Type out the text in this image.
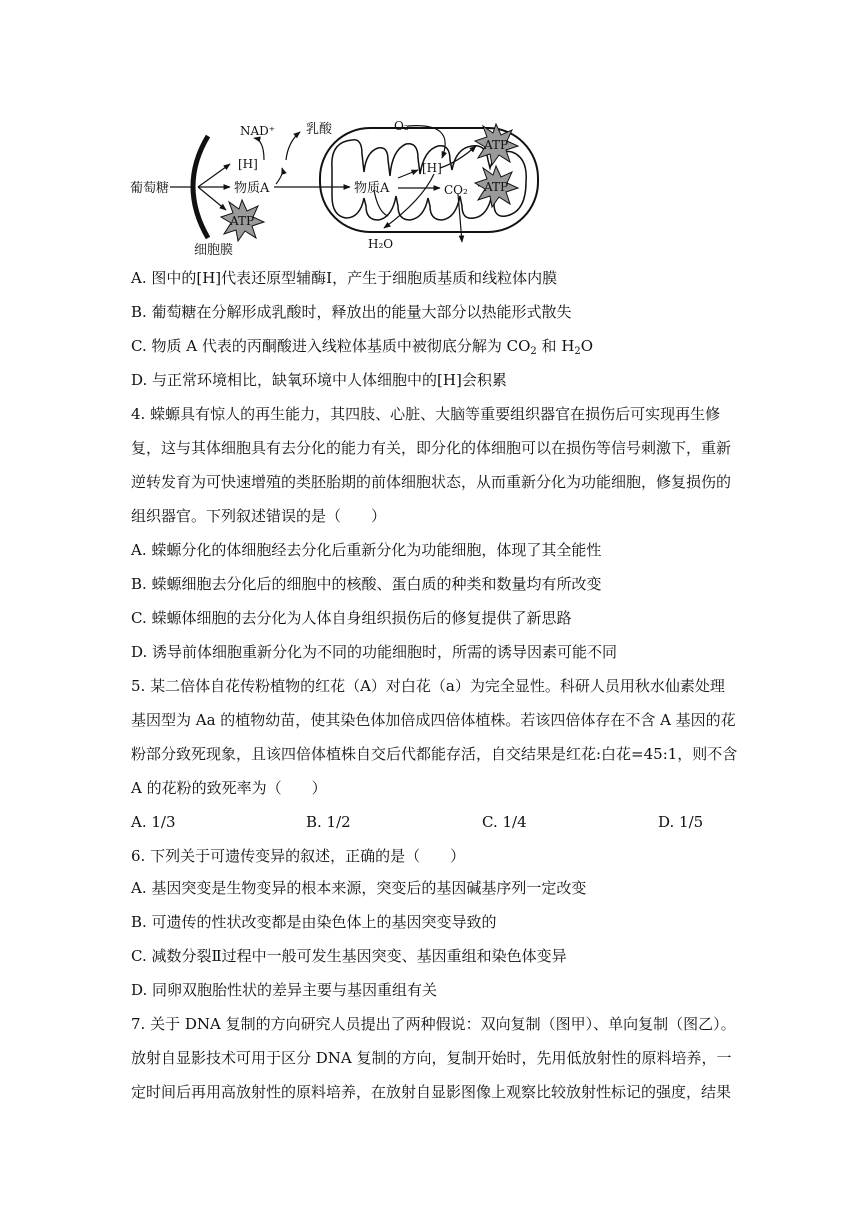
葡萄糖
细胞膜
NAD⁺ 乳酸
[H]
物质A
O₂
[H]
物质A	CO₂
H₂O
ATP
ATP
ATP
A. 图中的[H]代表还原型辅酶Ⅰ，产生于细胞质基质和线粒体内膜
B. 葡萄糖在分解形成乳酸时，释放出的能量大部分以热能形式散失
C. 物质 A 代表的丙酮酸进入线粒体基质中被彻底分解为 $CO_2$ 和 $H_2O$
D. 与正常环境相比，缺氧环境中人体细胞中的[H]会积累
4. 蝾螈具有惊人的再生能力，其四肢、心脏、大脑等重要组织器官在损伤后可实现再生修
复，这与其体细胞具有去分化的能力有关，即分化的体细胞可以在损伤等信号刺激下，重新
逆转发育为可快速增殖的类胚胎期的前体细胞状态，从而重新分化为功能细胞，修复损伤的
组织器官。下列叙述错误的是（　　）
A. 蝾螈分化的体细胞经去分化后重新分化为功能细胞，体现了其全能性
B. 蝾螈细胞去分化后的细胞中的核酸、蛋白质的种类和数量均有所改变
C. 蝾螈体细胞的去分化为人体自身组织损伤后的修复提供了新思路
D. 诱导前体细胞重新分化为不同的功能细胞时，所需的诱导因素可能不同
5. 某二倍体自花传粉植物的红花（A）对白花（a）为完全显性。科研人员用秋水仙素处理
基因型为 Aa 的植物幼苗，使其染色体加倍成四倍体植株。若该四倍体存在不含 A 基因的花
粉部分致死现象，且该四倍体植株自交后代都能存活，自交结果是红花:白花=45:1，则不含
A 的花粉的致死率为（　　）
A. 1/3	B. 1/2	C. 1/4	D. 1/5
6. 下列关于可遗传变异的叙述，正确的是（　　）
A. 基因突变是生物变异的根本来源，突变后的基因碱基序列一定改变
B. 可遗传的性状改变都是由染色体上的基因突变导致的
C. 减数分裂Ⅱ过程中一般可发生基因突变、基因重组和染色体变异
D. 同卵双胞胎性状的差异主要与基因重组有关
7. 关于 DNA 复制的方向研究人员提出了两种假说：双向复制（图甲）、单向复制（图乙）。
放射自显影技术可用于区分 DNA 复制的方向，复制开始时，先用低放射性的原料培养，一
定时间后再用高放射性的原料培养，在放射自显影图像上观察比较放射性标记的强度，结果
